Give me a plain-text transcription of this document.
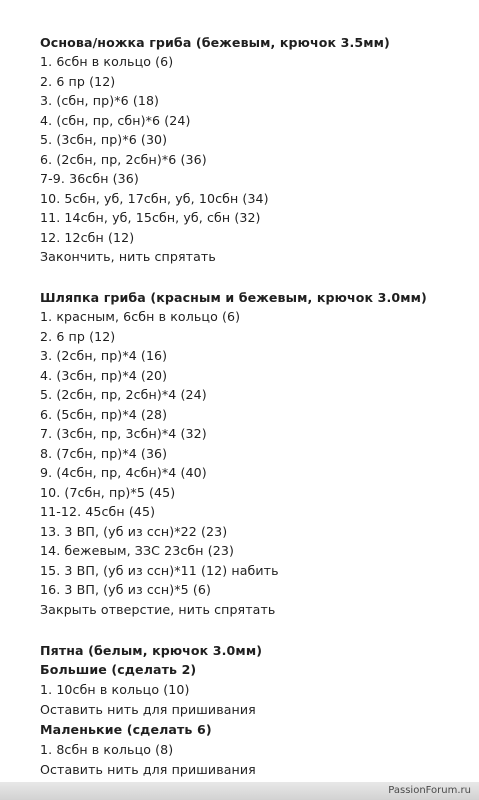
Основа/ножка гриба (бежевым, крючок 3.5мм)
1. 6сбн в кольцо (6)
2. 6 пр (12)
3. (сбн, пр)*6 (18)
4. (сбн, пр, сбн)*6 (24)
5. (3сбн, пр)*6 (30)
6. (2сбн, пр, 2сбн)*6 (36)
7-9. 36сбн (36)
10. 5сбн, уб, 17сбн, уб, 10сбн (34)
11. 14сбн, уб, 15сбн, уб, сбн (32)
12. 12сбн (12)
Закончить, нить спрятать
Шляпка гриба (красным и бежевым, крючок 3.0мм)
1. красным, 6сбн в кольцо (6)
2. 6 пр (12)
3. (2сбн, пр)*4 (16)
4. (3сбн, пр)*4 (20)
5. (2сбн, пр, 2сбн)*4 (24)
6. (5сбн, пр)*4 (28)
7. (3сбн, пр, 3сбн)*4 (32)
8. (7сбн, пр)*4 (36)
9. (4сбн, пр, 4сбн)*4 (40)
10. (7сбн, пр)*5 (45)
11-12. 45сбн (45)
13. 3 ВП, (уб из ссн)*22 (23)
14. бежевым, ЗЗС 23сбн (23)
15. 3 ВП, (уб из ссн)*11 (12) набить
16. 3 ВП, (уб из ссн)*5 (6)
Закрыть отверстие, нить спрятать
Пятна (белым, крючок 3.0мм)
Большие (сделать 2)
1. 10сбн в кольцо (10)
Оставить нить для пришивания
Маленькие (сделать 6)
1. 8сбн в кольцо (8)
Оставить нить для пришивания
PassionForum.ru
